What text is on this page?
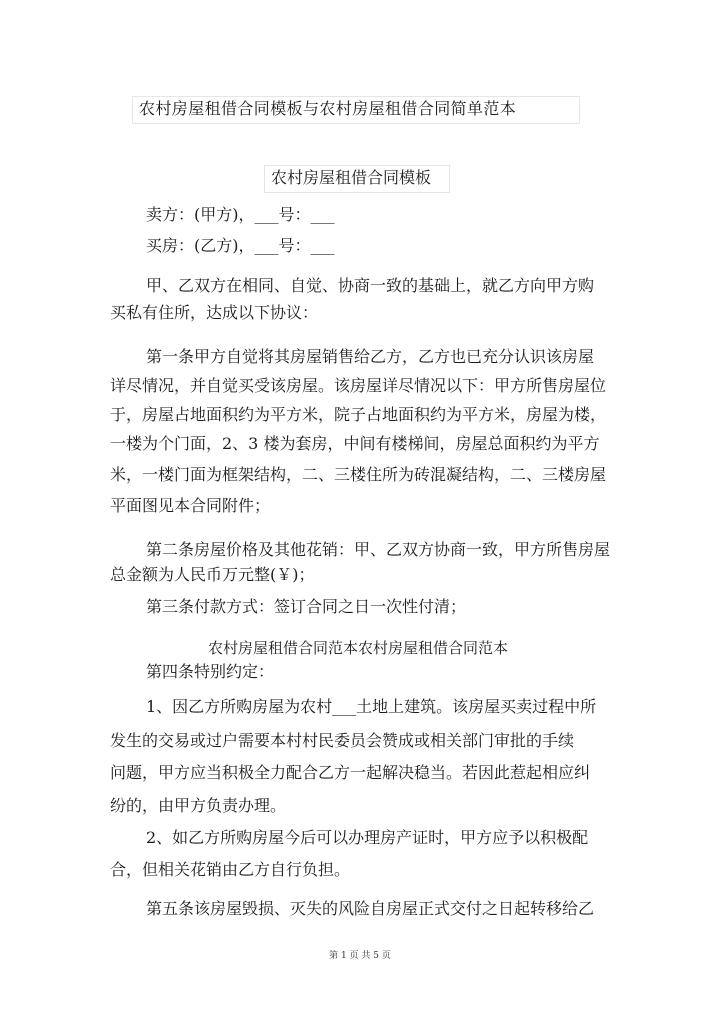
农村房屋租借合同模板与农村房屋租借合同简单范本
农村房屋租借合同模板
卖方：(甲方)，___号：___
买房：(乙方)，___号：___
甲、乙双方在相同、自觉、协商一致的基础上，就乙方向甲方购
买私有住所，达成以下协议：
第一条甲方自觉将其房屋销售给乙方，乙方也已充分认识该房屋
详尽情况，并自觉买受该房屋。该房屋详尽情况以下：甲方所售房屋位
于，房屋占地面积约为平方米，院子占地面积约为平方米，房屋为楼，
一楼为个门面，2、3 楼为套房，中间有楼梯间，房屋总面积约为平方
米，一楼门面为框架结构，二、三楼住所为砖混凝结构，二、三楼房屋
平面图见本合同附件；
第二条房屋价格及其他花销：甲、乙双方协商一致，甲方所售房屋
总金额为人民币万元整(￥)；
第三条付款方式：签订合同之日一次性付清；
农村房屋租借合同范本农村房屋租借合同范本
第四条特别约定：
1、因乙方所购房屋为农村___土地上建筑。该房屋买卖过程中所
发生的交易或过户需要本村村民委员会赞成或相关部门审批的手续
问题，甲方应当积极全力配合乙方一起解决稳当。若因此惹起相应纠
纷的，由甲方负责办理。
2、如乙方所购房屋今后可以办理房产证时，甲方应予以积极配
合，但相关花销由乙方自行负担。
第五条该房屋毁损、灭失的风险自房屋正式交付之日起转移给乙
第 1 页 共 5 页
